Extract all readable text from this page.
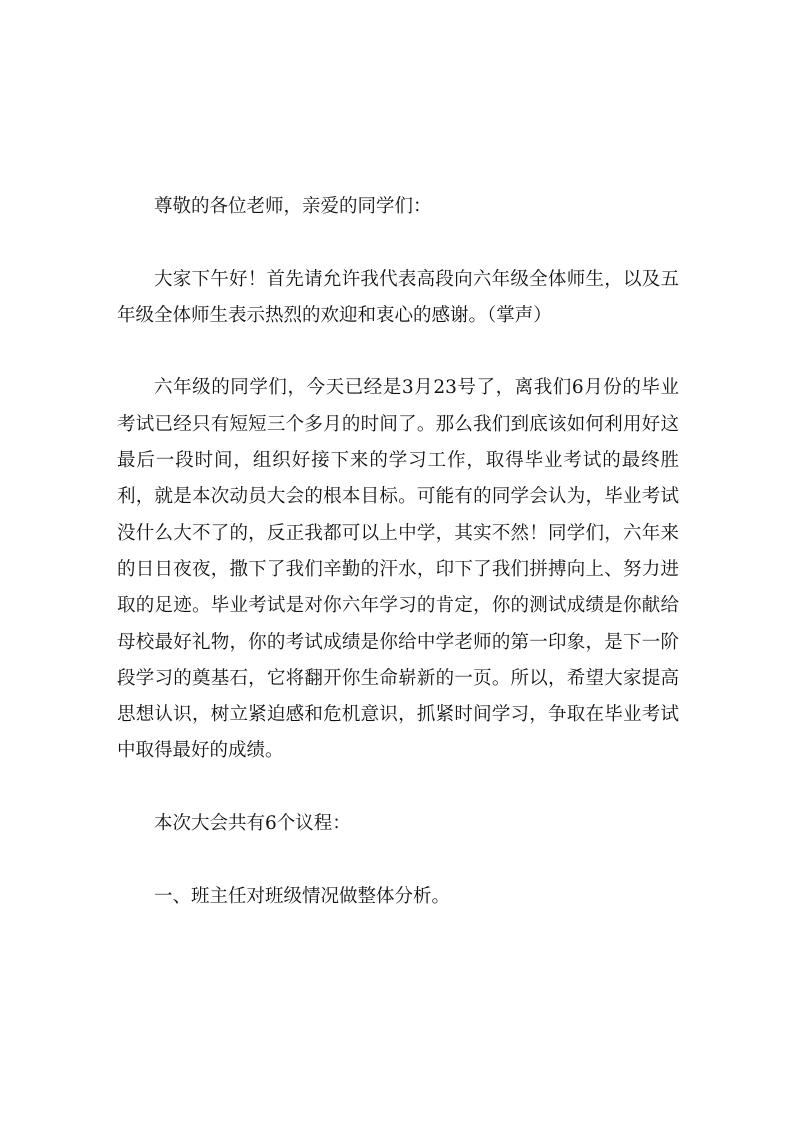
尊敬的各位老师，亲爱的同学们：

大家下午好！首先请允许我代表高段向六年级全体师生，以及五年级全体师生表示热烈的欢迎和衷心的感谢。（掌声）

六年级的同学们，今天已经是3月23号了，离我们6月份的毕业考试已经只有短短三个多月的时间了。那么我们到底该如何利用好这最后一段时间，组织好接下来的学习工作，取得毕业考试的最终胜利，就是本次动员大会的根本目标。可能有的同学会认为，毕业考试没什么大不了的，反正我都可以上中学，其实不然！同学们，六年来的日日夜夜，撒下了我们辛勤的汗水，印下了我们拼搏向上、努力进取的足迹。毕业考试是对你六年学习的肯定，你的测试成绩是你献给母校最好礼物，你的考试成绩是你给中学老师的第一印象，是下一阶段学习的奠基石，它将翻开你生命崭新的一页。所以，希望大家提高思想认识，树立紧迫感和危机意识，抓紧时间学习，争取在毕业考试中取得最好的成绩。

本次大会共有6个议程：

一、班主任对班级情况做整体分析。
